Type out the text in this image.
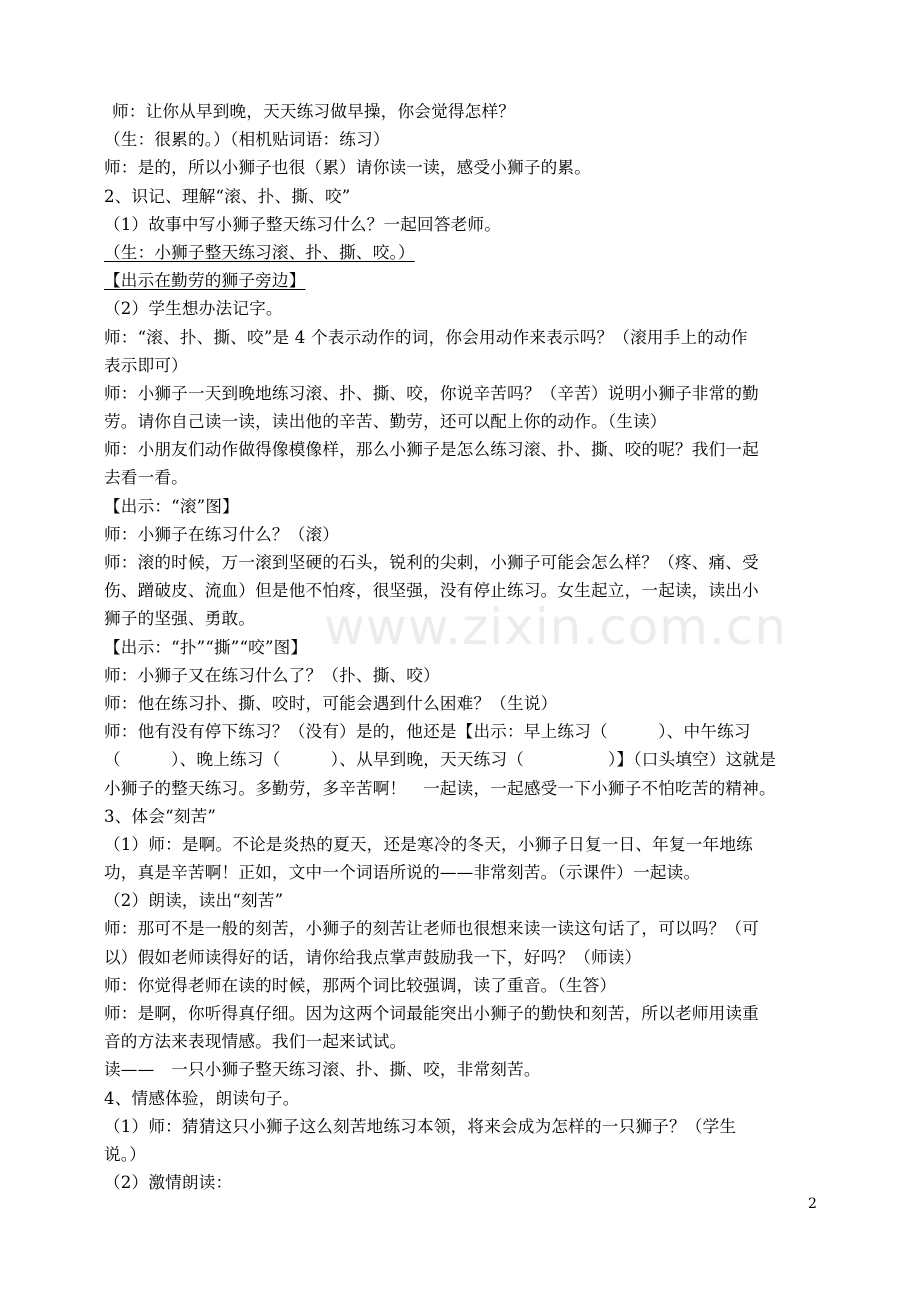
www.zixin.com.cn
师：让你从早到晚，天天练习做早操，你会觉得怎样？
（生：很累的。）（相机贴词语：练习）
师：是的，所以小狮子也很（累）请你读一读，感受小狮子的累。
2、识记、理解“滚、扑、撕、咬”
（1）故事中写小狮子整天练习什么？一起回答老师。
（生：小狮子整天练习滚、扑、撕、咬。）
【出示在勤劳的狮子旁边】
（2）学生想办法记字。
师：“滚、扑、撕、咬”是 4 个表示动作的词，你会用动作来表示吗？（滚用手上的动作
表示即可）
师：小狮子一天到晚地练习滚、扑、撕、咬，你说辛苦吗？（辛苦）说明小狮子非常的勤
劳。请你自己读一读，读出他的辛苦、勤劳，还可以配上你的动作。（生读）
师：小朋友们动作做得像模像样，那么小狮子是怎么练习滚、扑、撕、咬的呢？我们一起
去看一看。
【出示：“滚”图】
师：小狮子在练习什么？（滚）
师：滚的时候，万一滚到坚硬的石头，锐利的尖刺，小狮子可能会怎么样？（疼、痛、受
伤、蹭破皮、流血）但是他不怕疼，很坚强，没有停止练习。女生起立，一起读，读出小
狮子的坚强、勇敢。
【出示：“扑”“撕”“咬”图】
师：小狮子又在练习什么了？（扑、撕、咬）
师：他在练习扑、撕、咬时，可能会遇到什么困难？（生说）
师：他有没有停下练习？（没有）是的，他还是【出示：早上练习（　　　）、中午练习
（　　　）、晚上练习（　　　）、从早到晚，天天练习（　　　　　）】（口头填空）这就是
小狮子的整天练习。多勤劳，多辛苦啊！　一起读，一起感受一下小狮子不怕吃苦的精神。
3、体会“刻苦”
（1）师：是啊。不论是炎热的夏天，还是寒冷的冬天，小狮子日复一日、年复一年地练
功，真是辛苦啊！正如，文中一个词语所说的——非常刻苦。（示课件）一起读。
（2）朗读，读出“刻苦”
师：那可不是一般的刻苦，小狮子的刻苦让老师也很想来读一读这句话了，可以吗？（可
以）假如老师读得好的话，请你给我点掌声鼓励我一下，好吗？（师读）
师：你觉得老师在读的时候，那两个词比较强调，读了重音。（生答）
师：是啊，你听得真仔细。因为这两个词最能突出小狮子的勤快和刻苦，所以老师用读重
音的方法来表现情感。我们一起来试试。
读——　一只小狮子整天练习滚、扑、撕、咬，非常刻苦。
4、情感体验，朗读句子。
（1）师：猜猜这只小狮子这么刻苦地练习本领，将来会成为怎样的一只狮子？（学生
说。）
（2）激情朗读：
2
